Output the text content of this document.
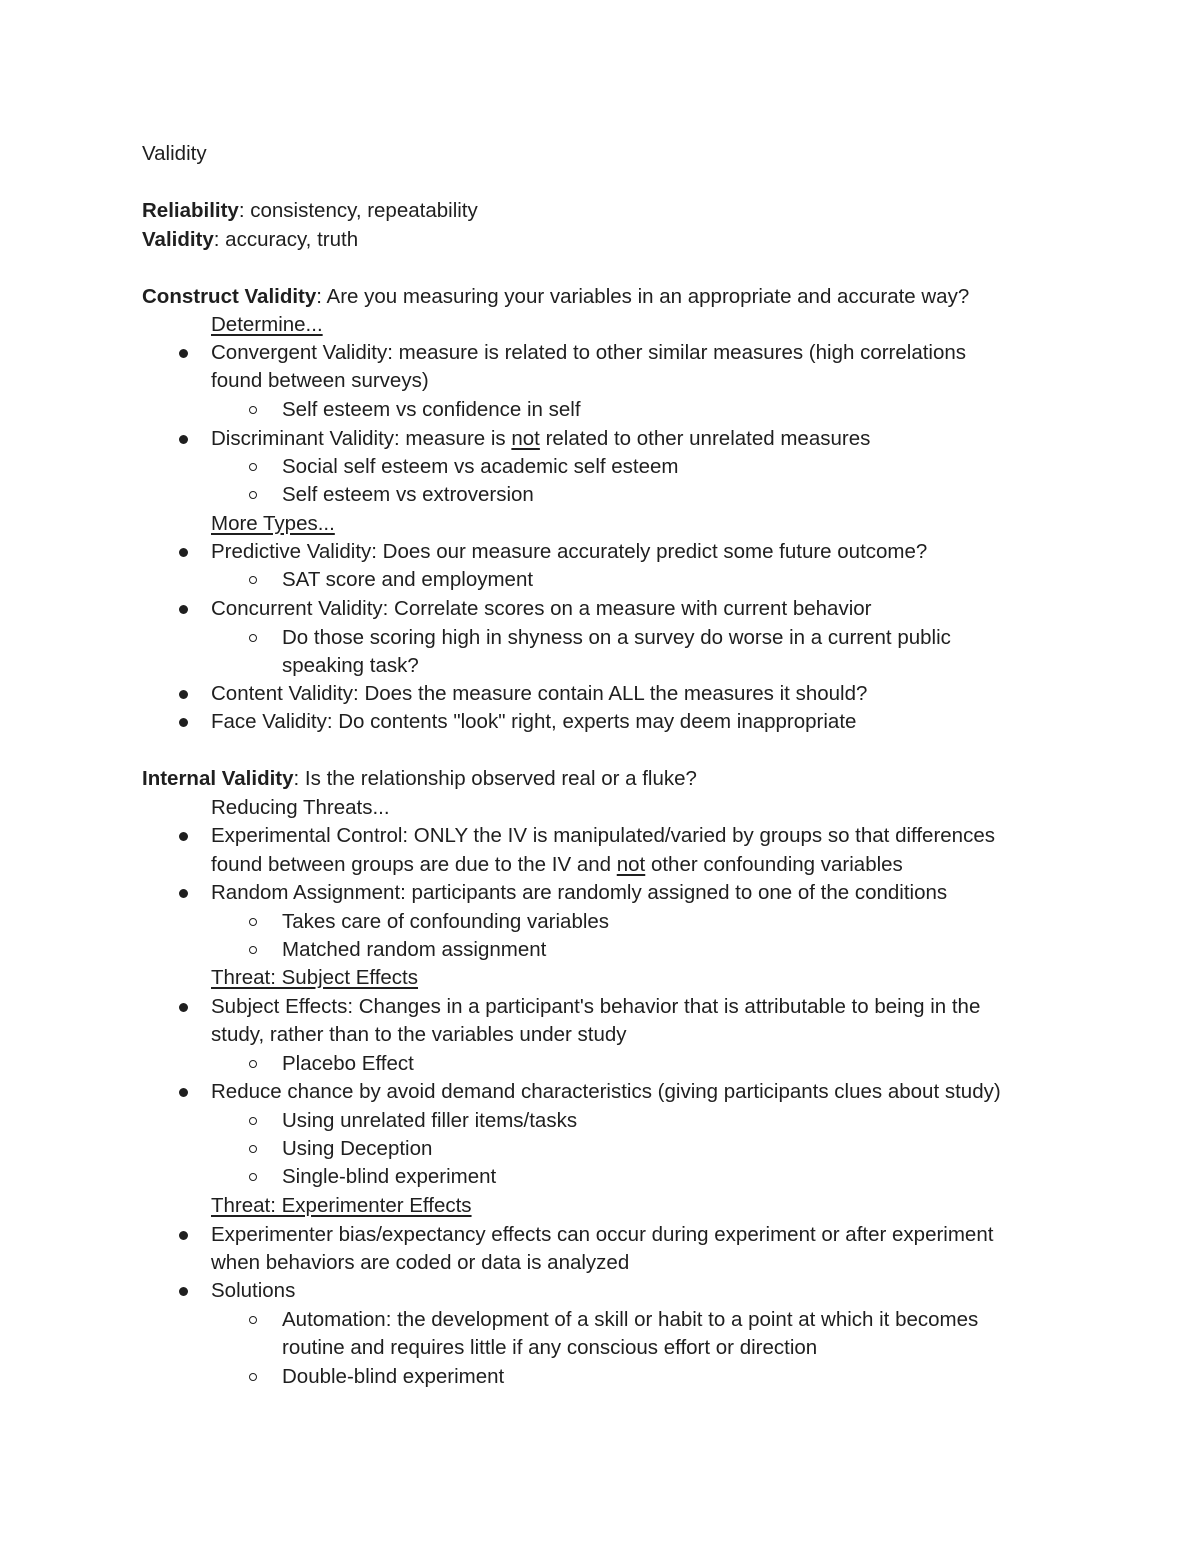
Validity
Reliability: consistency, repeatability
Validity: accuracy, truth
Construct Validity: Are you measuring your variables in an appropriate and accurate way?
Determine...
Convergent Validity: measure is related to other similar measures (high correlations
found between surveys)
Self esteem vs confidence in self
Discriminant Validity: measure is not related to other unrelated measures
Social self esteem vs academic self esteem
Self esteem vs extroversion
More Types...
Predictive Validity: Does our measure accurately predict some future outcome?
SAT score and employment
Concurrent Validity: Correlate scores on a measure with current behavior
Do those scoring high in shyness on a survey do worse in a current public
speaking task?
Content Validity: Does the measure contain ALL the measures it should?
Face Validity: Do contents "look" right, experts may deem inappropriate
Internal Validity: Is the relationship observed real or a fluke?
Reducing Threats...
Experimental Control: ONLY the IV is manipulated/varied by groups so that differences
found between groups are due to the IV and not other confounding variables
Random Assignment: participants are randomly assigned to one of the conditions
Takes care of confounding variables
Matched random assignment
Threat: Subject Effects
Subject Effects: Changes in a participant's behavior that is attributable to being in the
study, rather than to the variables under study
Placebo Effect
Reduce chance by avoid demand characteristics (giving participants clues about study)
Using unrelated filler items/tasks
Using Deception
Single-blind experiment
Threat: Experimenter Effects
Experimenter bias/expectancy effects can occur during experiment or after experiment
when behaviors are coded or data is analyzed
Solutions
Automation: the development of a skill or habit to a point at which it becomes
routine and requires little if any conscious effort or direction
Double-blind experiment
